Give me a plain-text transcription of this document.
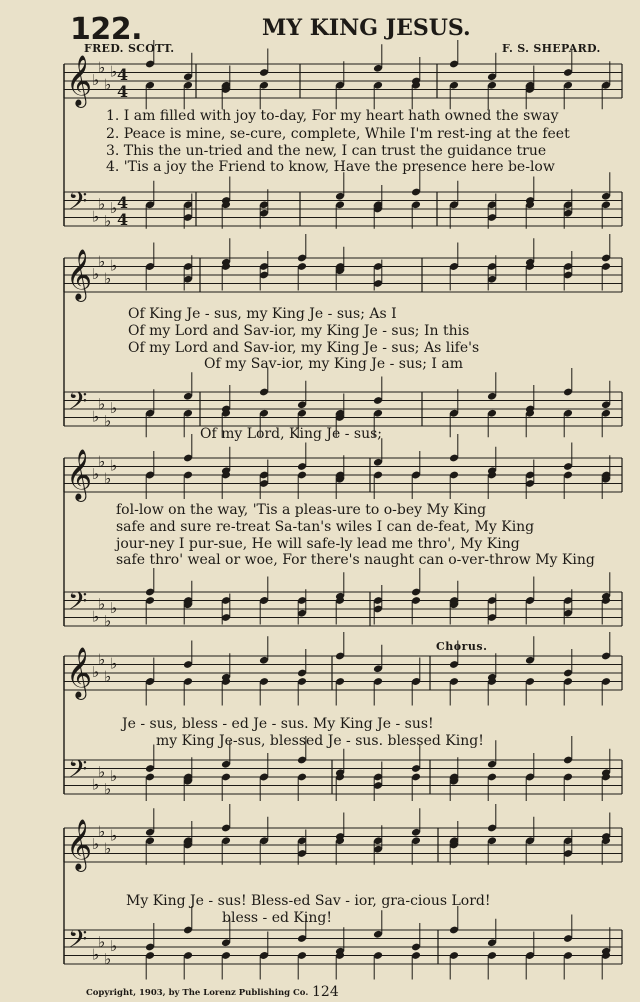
122.	MY KING JESUS.
FRED. SCOTT.	F. S. SHEPARD.
𝄞
𝄢
♭
♭
♭
♭
♭
♭
♭
♭
4
4
4
4
𝄞
𝄢
♭
♭
♭
♭
♭
♭
♭
♭
𝄞
𝄢
♭
♭
♭
♭
♭
♭
♭
♭
𝄞
𝄢
♭
♭
♭
♭
♭
♭
♭
♭
𝄞
𝄢
♭
♭
♭
♭
♭
♭
♭
♭
1. I am filled with joy to-day, For my heart hath owned the sway
2. Peace is mine, se-cure, complete, While I'm rest-ing at the feet
3. This the un-tried and the new, I can trust the guidance true
4. 'Tis a joy the Friend to know, Have the presence here be-low
Of King Je - sus, my King Je - sus; As I
Of my Lord and Sav-ior, my King Je - sus; In this
Of my Lord and Sav-ior, my King Je - sus; As life's
Of my Sav-ior, my King Je - sus; I am
Of my Lord, King Je - sus;
fol-low on the way, 'Tis a pleas-ure to o-bey My King
safe and sure re-treat Sa-tan's wiles I can de-feat, My King
jour-ney I pur-sue, He will safe-ly lead me thro', My King
safe thro' weal or woe, For there's naught can o-ver-throw My King
Chorus.
Je - sus, bless - ed Je - sus. My King Je - sus!
my King Je-sus, blessed Je - sus. blessed King!
My King Je - sus! Bless-ed Sav - ior, gra-cious Lord!
bless - ed King!
Copyright, 1903, by The Lorenz Publishing Co. 124
